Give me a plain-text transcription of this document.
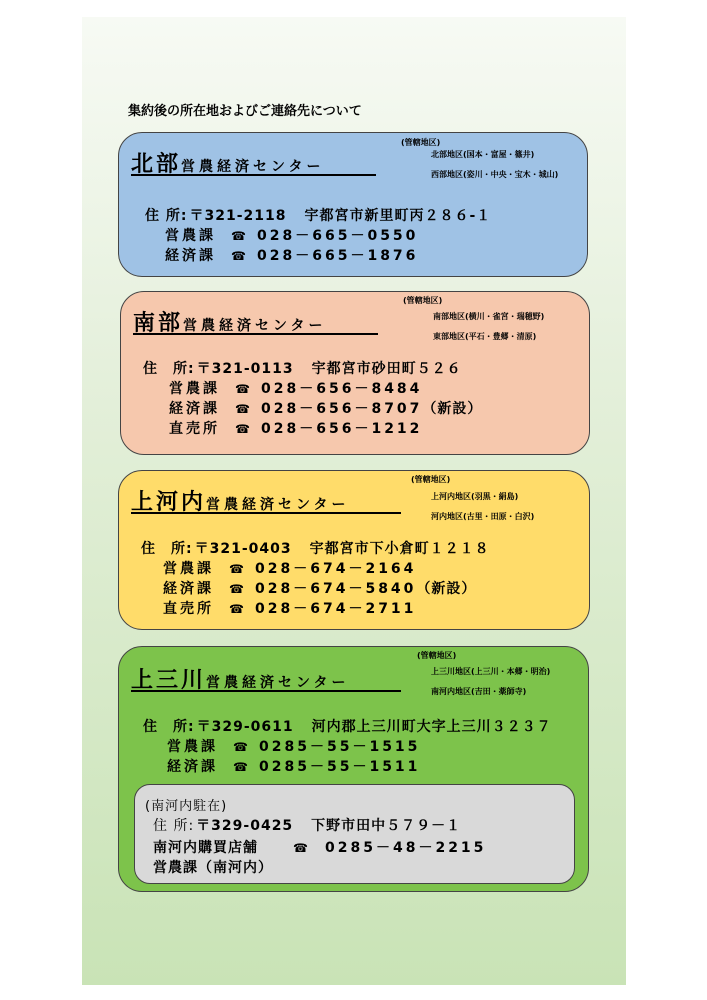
集約後の所在地およびご連絡先について
北部営農経済センター
(管轄地区)
北部地区(国本・富屋・篠井)
西部地区(姿川・中央・宝木・城山)
住 所: 〒321-2118 宇都宮市新里町丙２８６-１
営農課 ☎ 028－665－0550
経済課 ☎ 028－665－1876
南部営農経済センター
(管轄地区)
南部地区(横川・雀宮・瑞穂野)
東部地区(平石・豊郷・清原)
住　所: 〒321-0113 宇都宮市砂田町５２６
営農課 ☎ 028－656－8484
経済課 ☎ 028－656－8707（新設）
直売所 ☎ 028－656－1212
上河内営農経済センター
(管轄地区)
上河内地区(羽黒・絹島)
河内地区(古里・田原・白沢)
住　所: 〒321-0403 宇都宮市下小倉町１２１８
営農課 ☎ 028－674－2164
経済課 ☎ 028－674－5840（新設）
直売所 ☎ 028－674－2711
上三川営農経済センター
(管轄地区)
上三川地区(上三川・本郷・明治)
南河内地区(吉田・薬師寺)
住　所: 〒329-0611 河内郡上三川町大字上三川３２３７
営農課 ☎ 0285－55－1515
経済課 ☎ 0285－55－1511
(南河内駐在)
住 所: 〒329-0425 下野市田中５７９－１
南河内購買店舗	☎ 0285－48－2215
営農課（南河内）
